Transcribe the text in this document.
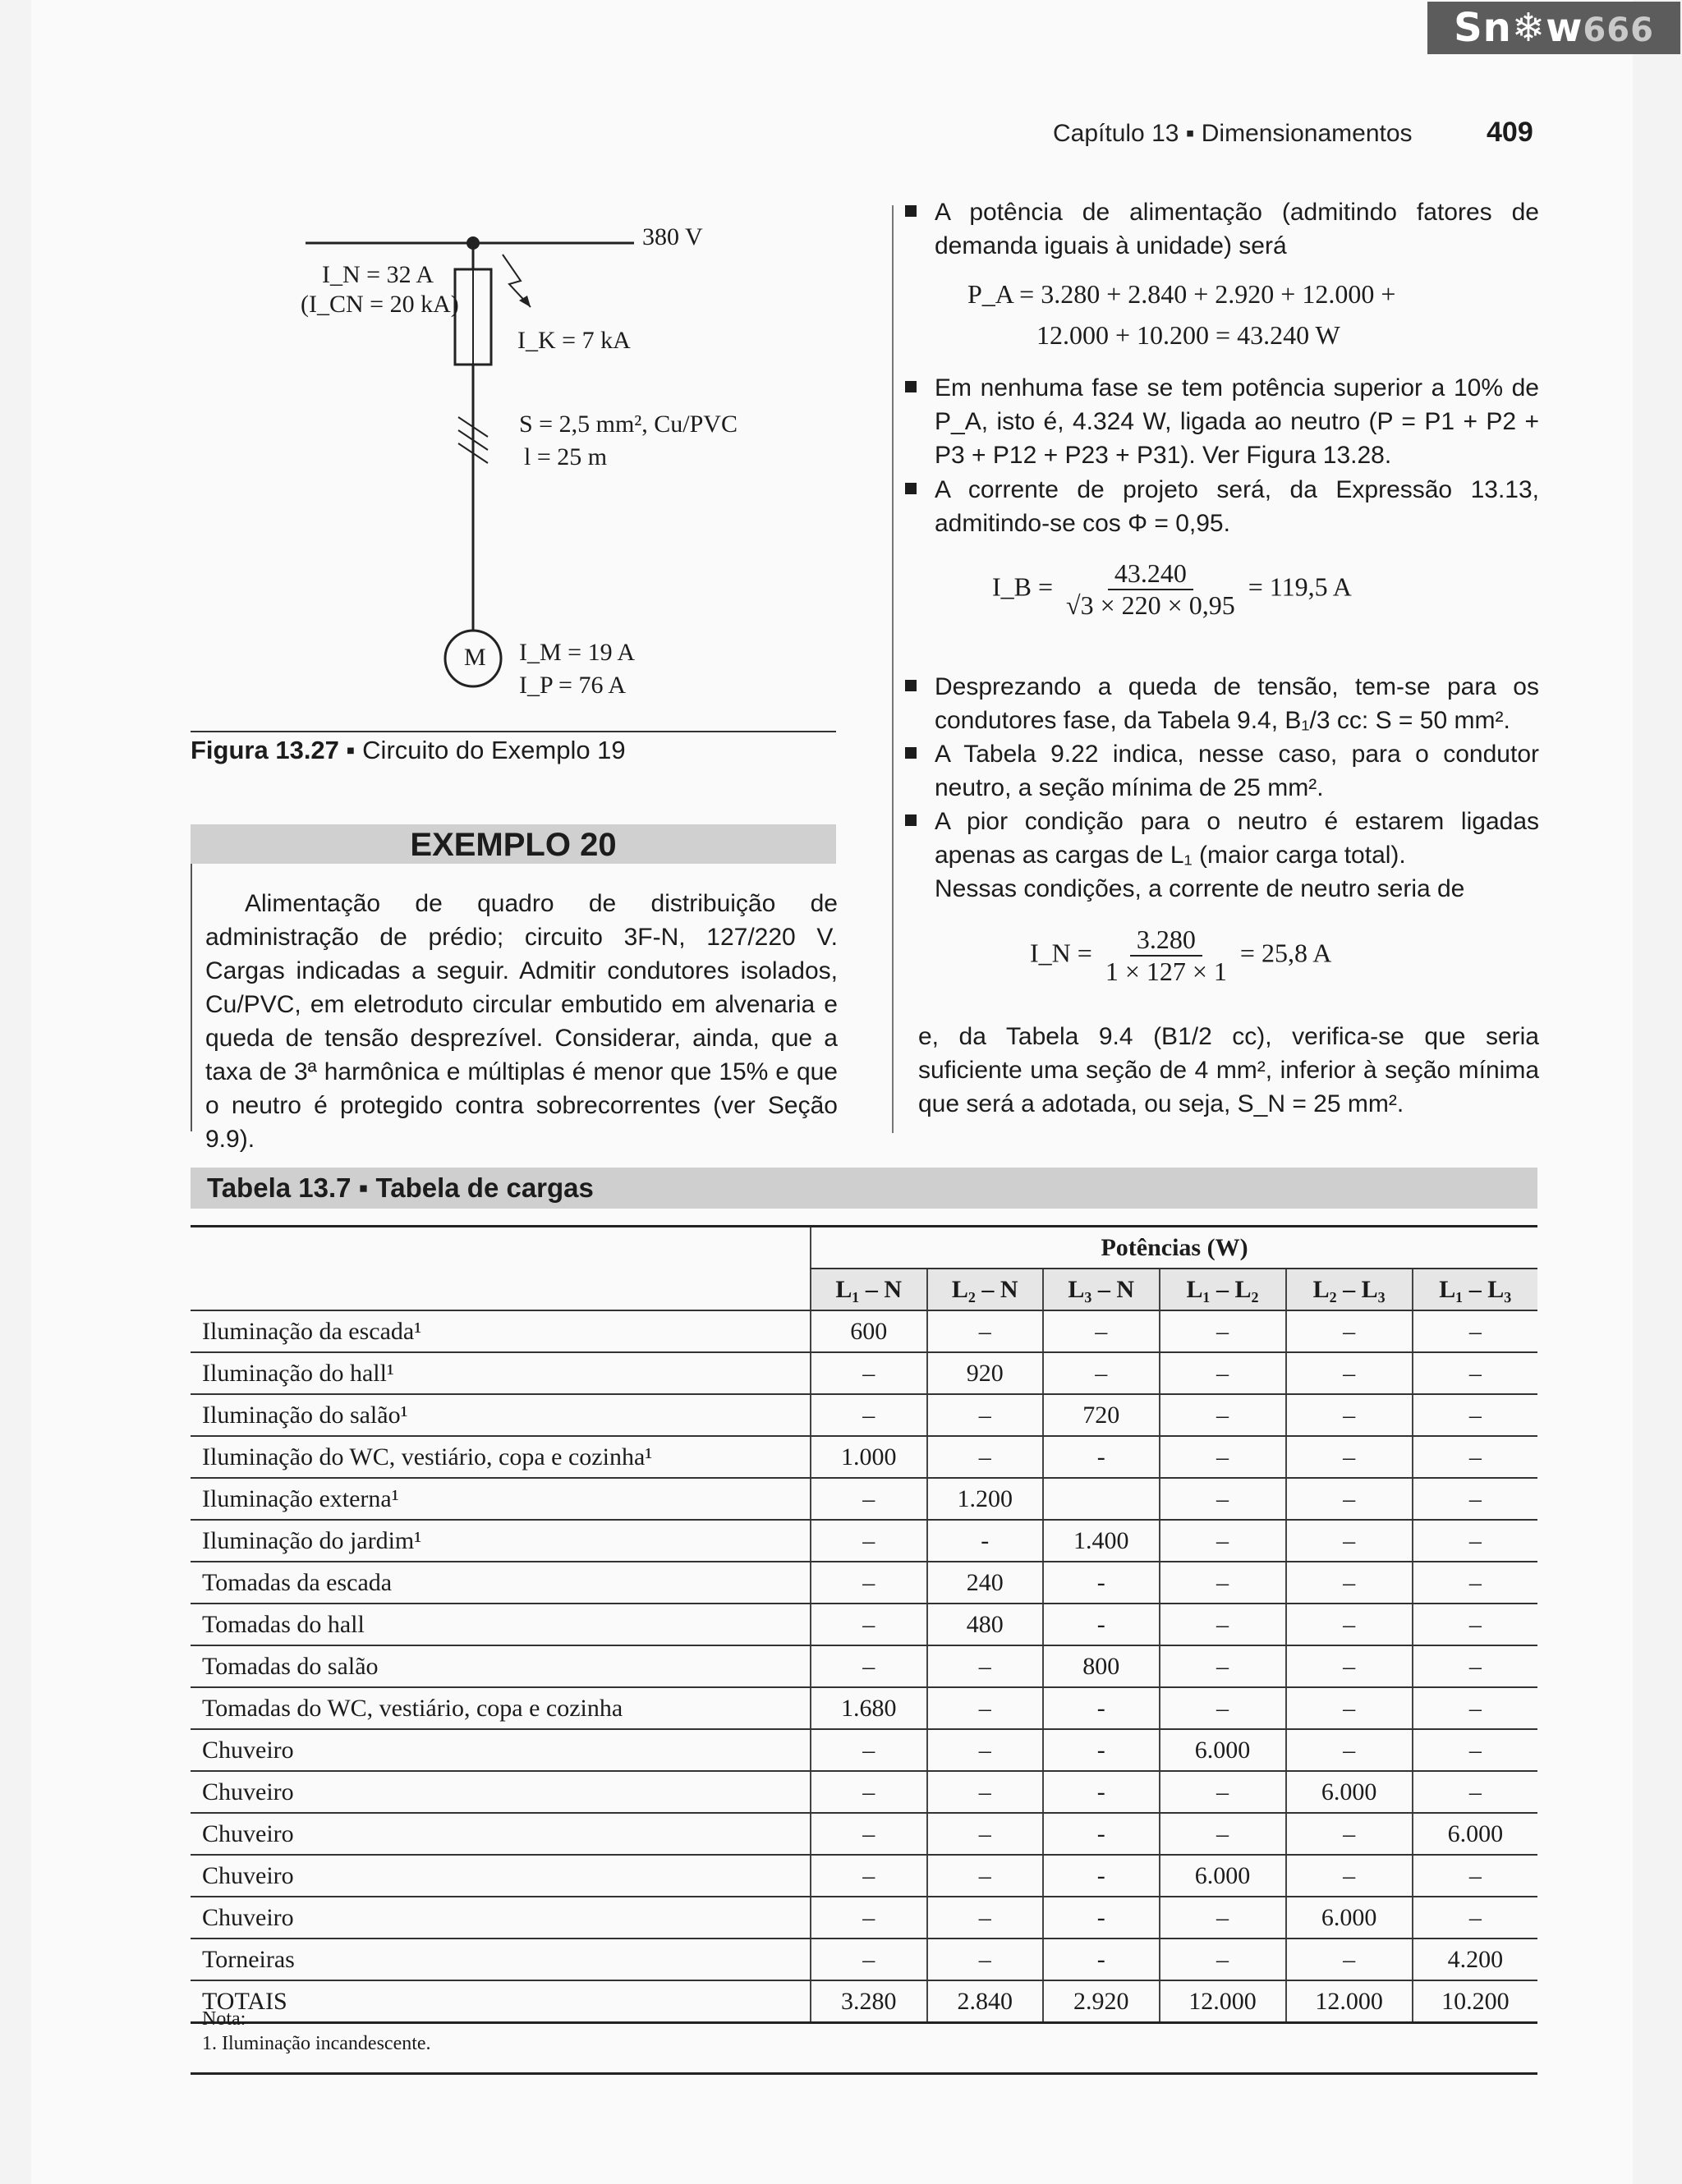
Sn❄w666
Capítulo 13 ▪ Dimensionamentos	409
M
380 V
I_N = 32 A
(I_CN = 20 kA)
I_K = 7 kA
S = 2,5 mm², Cu/PVC
l = 25 m
I_M = 19 A
I_P = 76 A
Figura 13.27 ▪ Circuito do Exemplo 19
EXEMPLO 20

Alimentação de quadro de distribuição de administração de prédio; circuito 3F-N, 127/220 V. Cargas indicadas a seguir. Admitir condutores isolados, Cu/PVC, em eletroduto circular embutido em alvenaria e queda de tensão desprezível. Considerar, ainda, que a taxa de 3ª harmônica e múltiplas é menor que 15% e que o neutro é protegido contra sobrecorrentes (ver Seção 9.9).

A potência de alimentação (admitindo fatores de demanda iguais à unidade) será
P_A = 3.280 + 2.840 + 2.920 + 12.000 +
12.000 + 10.200 = 43.240 W
Em nenhuma fase se tem potência superior a 10% de P_A, isto é, 4.324 W, ligada ao neutro (P = P1 + P2 + P3 + P12 + P23 + P31). Ver Figura 13.28.
A corrente de projeto será, da Expressão 13.13, admitindo-se cos Φ = 0,95.
I_B = $\frac{43.240}{√3 \times 220 \times 0,95} = 119,5$ A
Desprezando a queda de tensão, tem-se para os condutores fase, da Tabela 9.4, B₁/3 cc: S = 50 mm².
A Tabela 9.22 indica, nesse caso, para o condutor neutro, a seção mínima de 25 mm².
A pior condição para o neutro é estarem ligadas apenas as cargas de L₁ (maior carga total).
Nessas condições, a corrente de neutro seria de
I_N = $\frac{3.280}{1 \times 127 \times 1} = 25,8$ A
e, da Tabela 9.4 (B1/2 cc), verifica-se que seria suficiente uma seção de 4 mm², inferior à seção mínima que será a adotada, ou seja, S_N = 25 mm².
Tabela 13.7 ▪ Tabela de cargas
	Potências (W)					
	L₁ – N	L₂ – N	L₃ – N	L₁ – L₂	L₂ – L₃	L₁ – L₃
Iluminação da escada¹	600	–	–	–	–	–
Iluminação do hall¹	–	920	–	–	–	–
Iluminação do salão¹	–	–	720	–	–	–
Iluminação do WC, vestiário, copa e cozinha¹	1.000	–	-	–	–	–
Iluminação externa¹	–	1.200		–	–	–
Iluminação do jardim¹	–	-	1.400	–	–	–
Tomadas da escada	–	240	-	–	–	–
Tomadas do hall	–	480	-	–	–	–
Tomadas do salão	–	–	800	–	–	–
Tomadas do WC, vestiário, copa e cozinha	1.680	–	-	–	–	–
Chuveiro	–	–	-	6.000	–	–
Chuveiro	–	–	-	–	6.000	–
Chuveiro	–	–	-	–	–	6.000
Chuveiro	–	–	-	6.000	–	–
Chuveiro	–	–	-	–	6.000	–
Torneiras	–	–	-	–	–	4.200
TOTAIS	3.280	2.840	2.920	12.000	12.000	10.200
Nota:
1. Iluminação incandescente.
